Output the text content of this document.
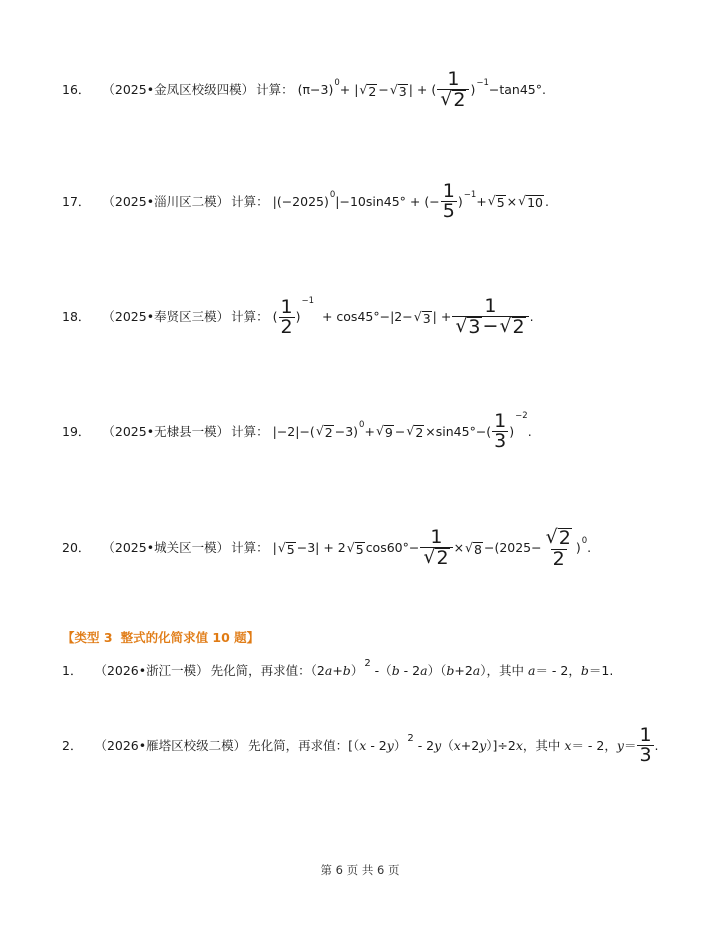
16． （2025•金凤区校级四模） 计算： (π−3) 0 + | √ 2 − √ 3 | + ( $\frac{1}{√ 2}$ ) −1 −tan45°.
17． （2025•淄川区二模） 计算： |(−2025) 0 |−10sin45° + (− $\frac{1}{5}$ ) −1 + √ 5 × √ 10 .
18． （2025•奉贤区三模） 计算： ( $\frac{1}{2}$ )
−1
+ cos45°−|2− √ 3 | + $\frac{1}{√ 3 - √ 2}$ .
19． （2025•无棣县一模） 计算： |−2|−( √ 2 −3) 0 + √ 9 − √ $2 \times\sin 45^\circ-( \frac{1}{3}$ )
−2
.
20． （2025•城关区一模） 计算： | √ 5 −3| + 2 √ 5 $\cos 60^\circ- \frac{1}{√ 2}$ × √ $8 -(2025- \frac{√ 2}{2}$ ) 0 .
【类型 3 整式的化简求值 10 题】
1． （2026•浙江一模） 先化简，再求值：（2 a + b ） 2 -（ b - 2 a ）（ b +2 a ），其中 a ＝ - 2， b ＝1.
2． （2026•雁塔区校级二模） 先化简，再求值：[（ x - 2 y ） 2 - 2 y （ x +2 y ）]÷2 x ，其中 x ＝ - 2， $y = \frac{1}{3}$ .
第 6 页 共 6 页
